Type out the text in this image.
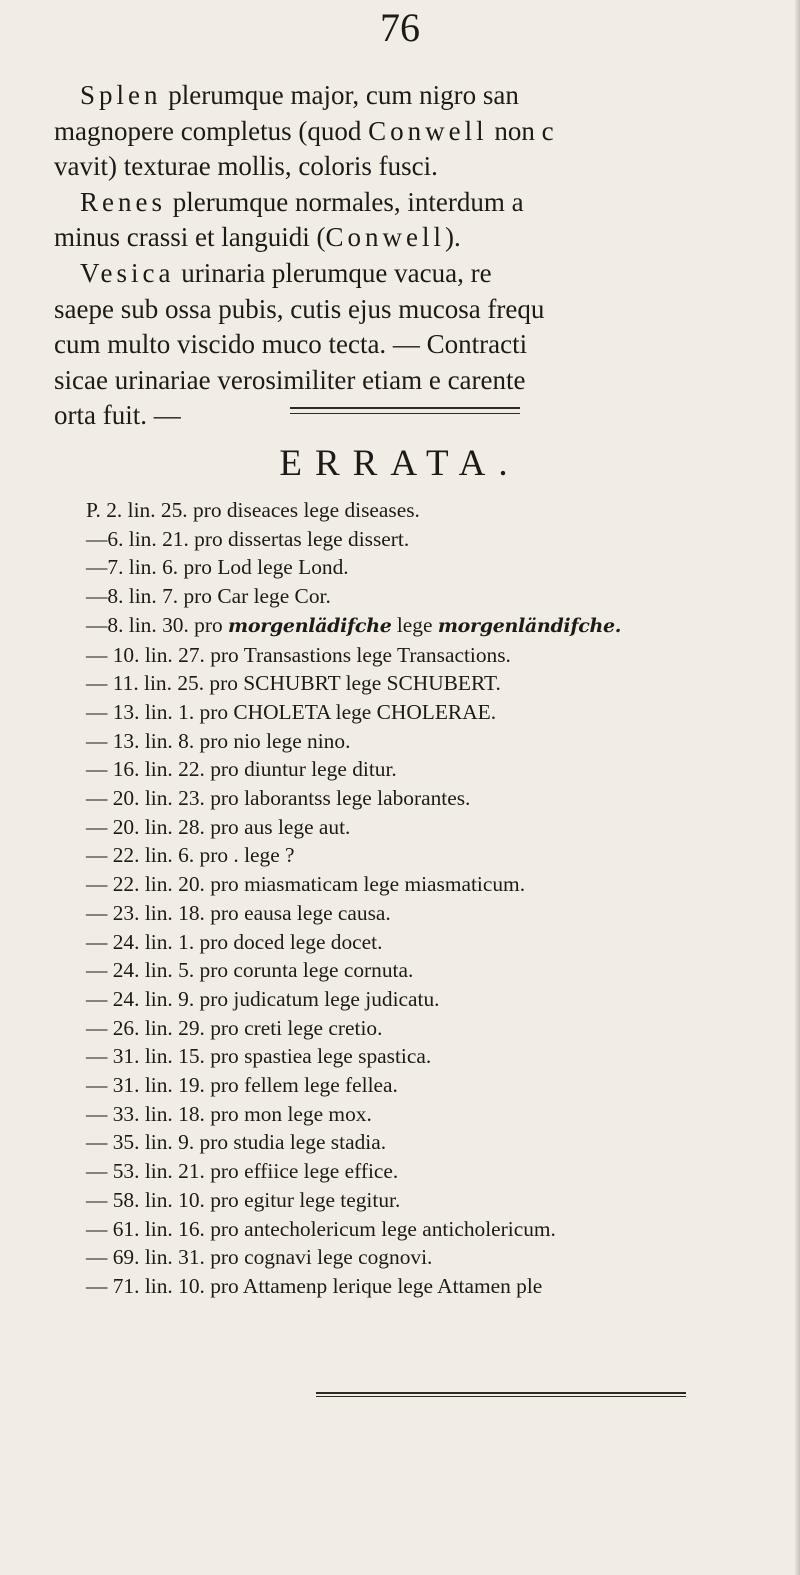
76

Splen plerumque major, cum nigro san

magnopere completus (quod Conwell non c

vavit) texturae mollis, coloris fusci.

Renes plerumque normales, interdum a

minus crassi et languidi (Conwell).

Vesica urinaria plerumque vacua, re

saepe sub ossa pubis, cutis ejus mucosa frequ

cum multo viscido muco tecta. — Contracti

sicae urinariae verosimiliter etiam e carente

orta fuit. —

ERRATA.
P. 2. lin. 25. pro diseaces lege diseases.
—6. lin. 21. pro dissertas lege dissert.
—7. lin. 6. pro Lod lege Lond.
—8. lin. 7. pro Car lege Cor.
—8. lin. 30. pro morgenlädifche lege morgenländifche.
— 10. lin. 27. pro Transastions lege Transactions.
— 11. lin. 25. pro SCHUBRT lege SCHUBERT.
— 13. lin. 1. pro CHOLETA lege CHOLERAE.
— 13. lin. 8. pro nio lege nino.
— 16. lin. 22. pro diuntur lege ditur.
— 20. lin. 23. pro laborantss lege laborantes.
— 20. lin. 28. pro aus lege aut.
— 22. lin. 6. pro . lege ?
— 22. lin. 20. pro miasmaticam lege miasmaticum.
— 23. lin. 18. pro eausa lege causa.
— 24. lin. 1. pro doced lege docet.
— 24. lin. 5. pro corunta lege cornuta.
— 24. lin. 9. pro judicatum lege judicatu.
— 26. lin. 29. pro creti lege cretio.
— 31. lin. 15. pro spastiea lege spastica.
— 31. lin. 19. pro fellem lege fellea.
— 33. lin. 18. pro mon lege mox.
— 35. lin. 9. pro studia lege stadia.
— 53. lin. 21. pro effiice lege effice.
— 58. lin. 10. pro egitur lege tegitur.
— 61. lin. 16. pro antecholericum lege anticholericum.
— 69. lin. 31. pro cognavi lege cognovi.
— 71. lin. 10. pro Attamenp lerique lege Attamen ple
